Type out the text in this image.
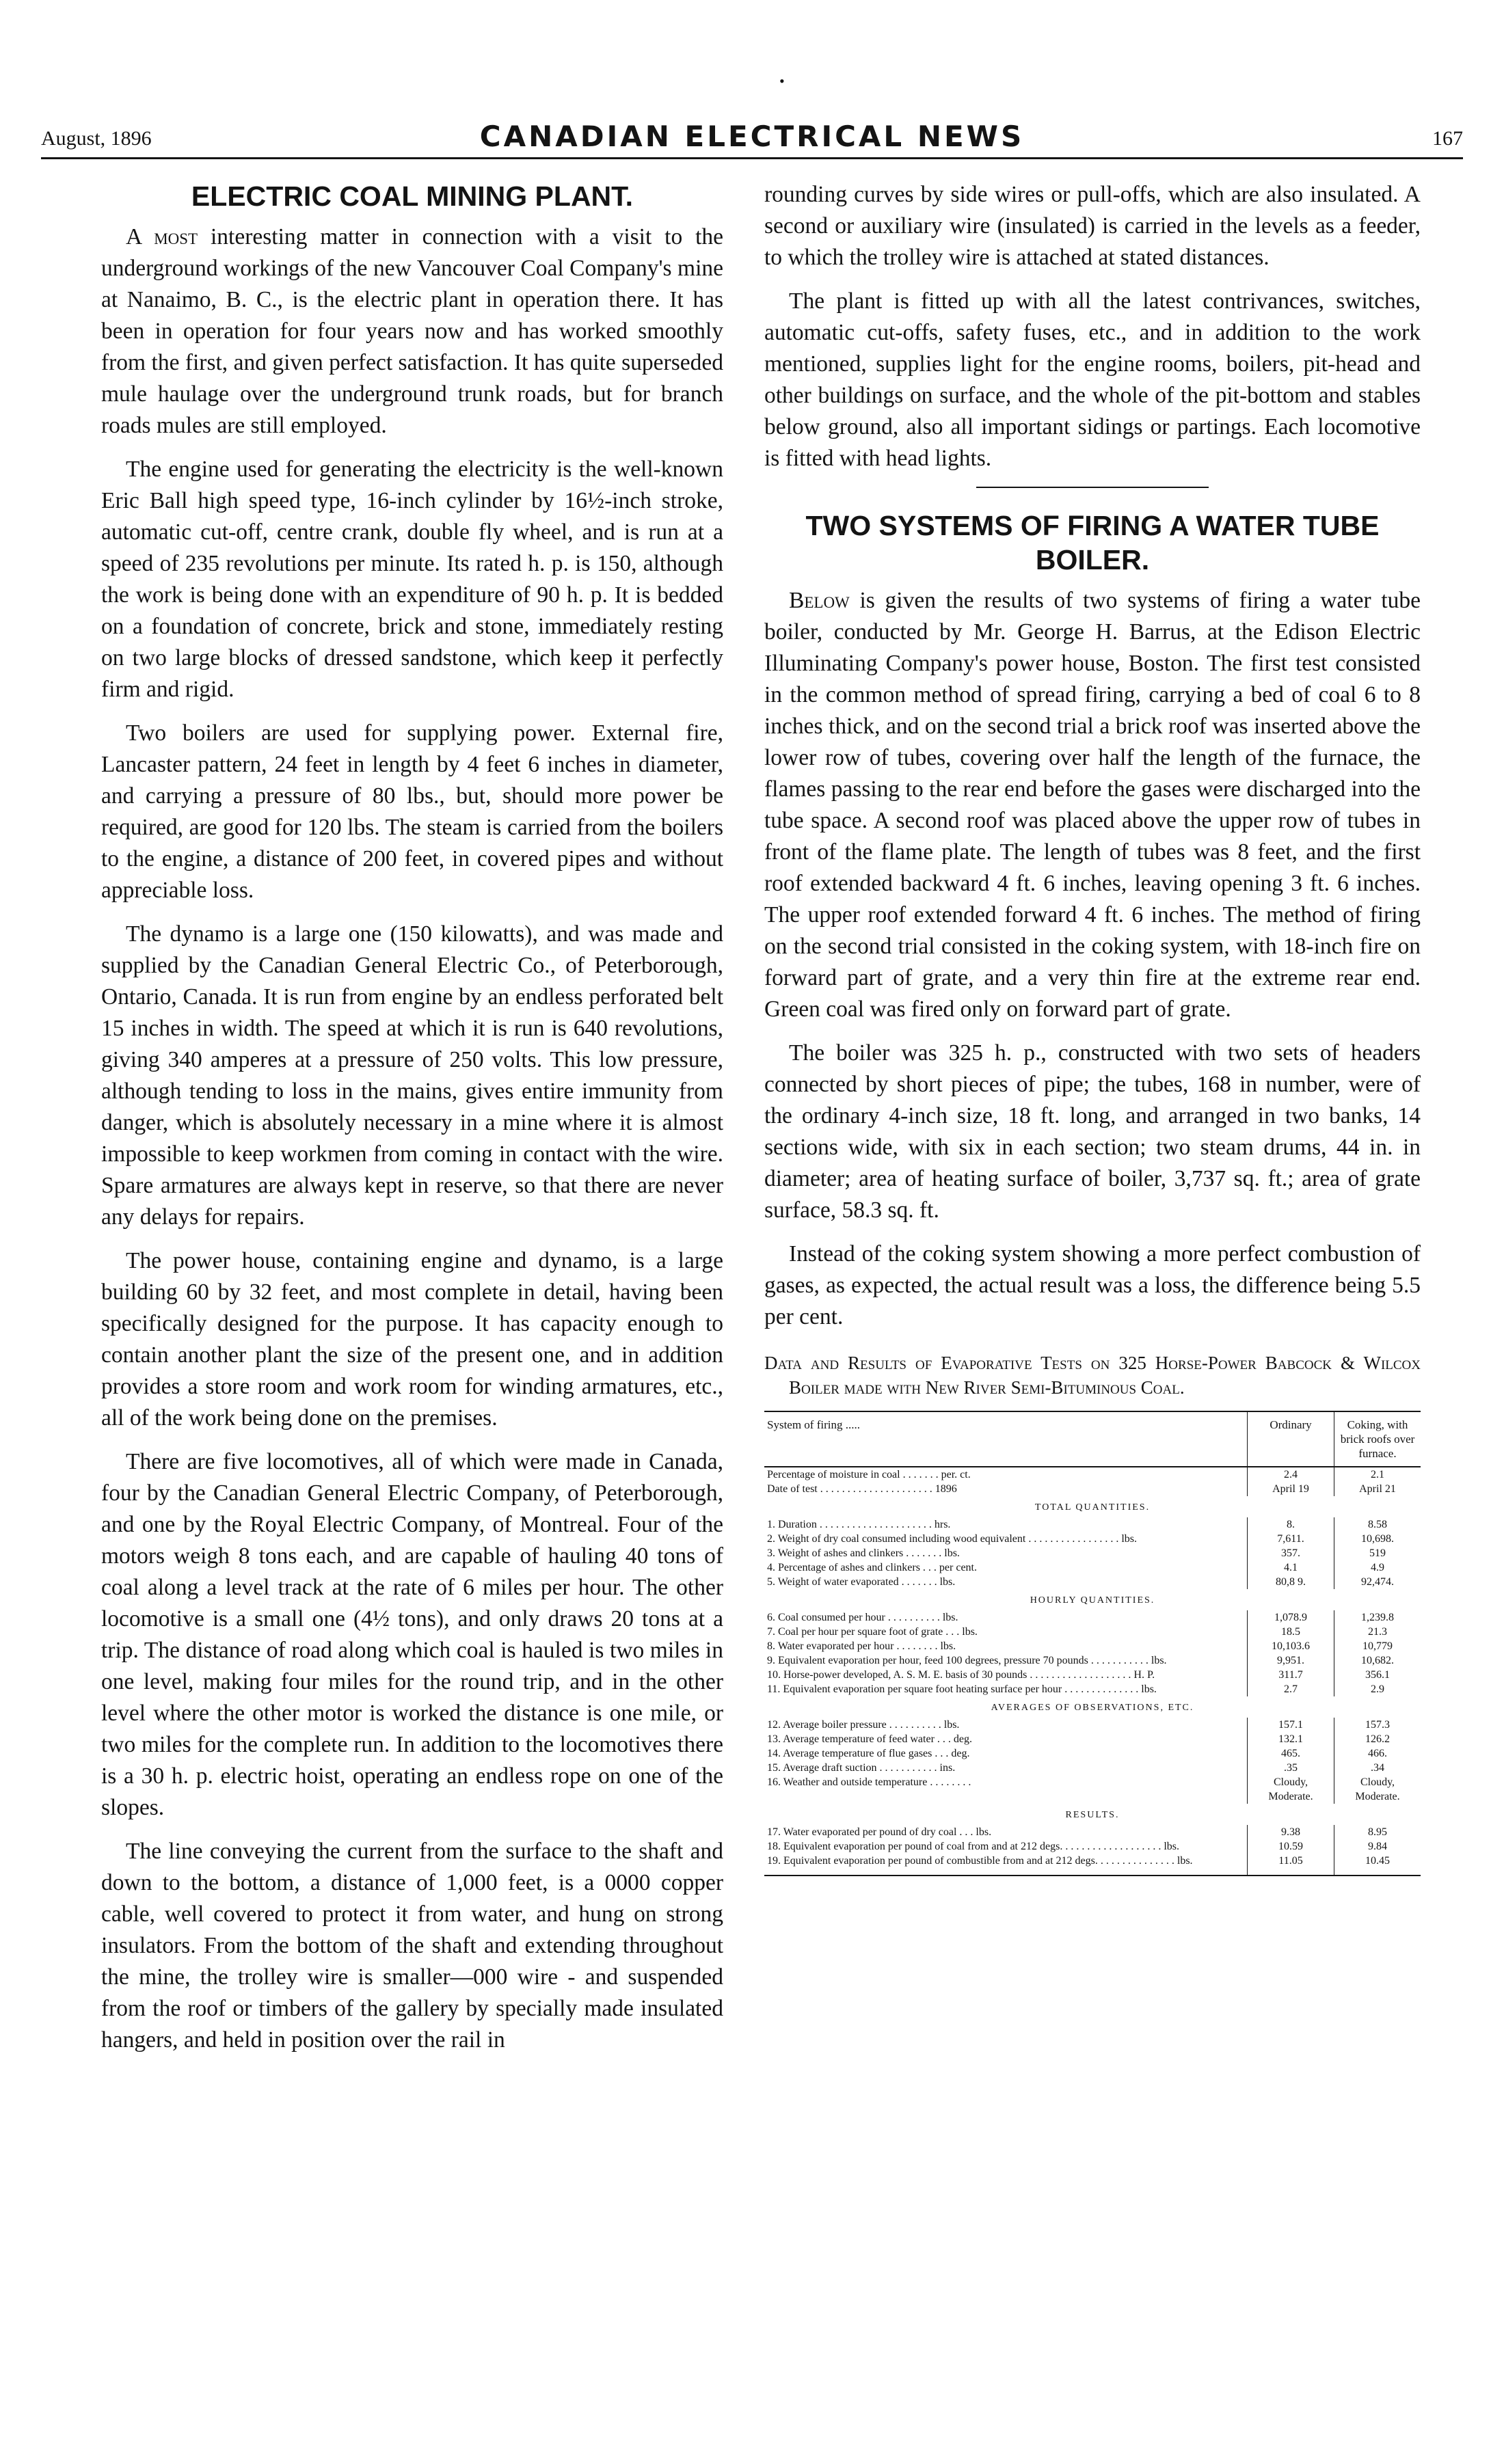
•
August, 1896	CANADIAN ELECTRICAL NEWS	167
ELECTRIC COAL MINING PLANT.

A most interesting matter in connection with a visit to the underground workings of the new Vancouver Coal Company's mine at Nanaimo, B. C., is the electric plant in operation there. It has been in operation for four years now and has worked smoothly from the first, and given perfect satisfaction. It has quite superseded mule haulage over the underground trunk roads, but for branch roads mules are still employed.

The engine used for generating the electricity is the well-known Eric Ball high speed type, 16-inch cylinder by 16½-inch stroke, automatic cut-off, centre crank, double fly wheel, and is run at a speed of 235 revolutions per minute. Its rated h. p. is 150, although the work is being done with an expenditure of 90 h. p. It is bedded on a foundation of concrete, brick and stone, immediately resting on two large blocks of dressed sandstone, which keep it perfectly firm and rigid.

Two boilers are used for supplying power. External fire, Lancaster pattern, 24 feet in length by 4 feet 6 inches in diameter, and carrying a pressure of 80 lbs., but, should more power be required, are good for 120 lbs. The steam is carried from the boilers to the engine, a distance of 200 feet, in covered pipes and without appreciable loss.

The dynamo is a large one (150 kilowatts), and was made and supplied by the Canadian General Electric Co., of Peterborough, Ontario, Canada. It is run from engine by an endless perforated belt 15 inches in width. The speed at which it is run is 640 revolutions, giving 340 amperes at a pressure of 250 volts. This low pressure, although tending to loss in the mains, gives entire immunity from danger, which is absolutely necessary in a mine where it is almost impossible to keep workmen from coming in contact with the wire. Spare armatures are always kept in reserve, so that there are never any delays for repairs.

The power house, containing engine and dynamo, is a large building 60 by 32 feet, and most complete in detail, having been specifically designed for the purpose. It has capacity enough to contain another plant the size of the present one, and in addition provides a store room and work room for winding armatures, etc., all of the work being done on the premises.

There are five locomotives, all of which were made in Canada, four by the Canadian General Electric Company, of Peterborough, and one by the Royal Electric Company, of Montreal. Four of the motors weigh 8 tons each, and are capable of hauling 40 tons of coal along a level track at the rate of 6 miles per hour. The other locomotive is a small one (4½ tons), and only draws 20 tons at a trip. The distance of road along which coal is hauled is two miles in one level, making four miles for the round trip, and in the other level where the other motor is worked the distance is one mile, or two miles for the complete run. In addition to the locomotives there is a 30 h. p. electric hoist, operating an endless rope on one of the slopes.

The line conveying the current from the surface to the shaft and down to the bottom, a distance of 1,000 feet, is a 0000 copper cable, well covered to protect it from water, and hung on strong insulators. From the bottom of the shaft and extending throughout the mine, the trolley wire is smaller—000 wire - and suspended from the roof or timbers of the gallery by specially made insulated hangers, and held in position over the rail in

rounding curves by side wires or pull-offs, which are also insulated. A second or auxiliary wire (insulated) is carried in the levels as a feeder, to which the trolley wire is attached at stated distances.

The plant is fitted up with all the latest contrivances, switches, automatic cut-offs, safety fuses, etc., and in addition to the work mentioned, supplies light for the engine rooms, boilers, pit-head and other buildings on surface, and the whole of the pit-bottom and stables below ground, also all important sidings or partings. Each locomotive is fitted with head lights.

TWO SYSTEMS OF FIRING A WATER TUBE BOILER.

Below is given the results of two systems of firing a water tube boiler, conducted by Mr. George H. Barrus, at the Edison Electric Illuminating Company's power house, Boston. The first test consisted in the common method of spread firing, carrying a bed of coal 6 to 8 inches thick, and on the second trial a brick roof was inserted above the lower row of tubes, covering over half the length of the furnace, the flames passing to the rear end before the gases were discharged into the tube space. A second roof was placed above the upper row of tubes in front of the flame plate. The length of tubes was 8 feet, and the first roof extended backward 4 ft. 6 inches, leaving opening 3 ft. 6 inches. The upper roof extended forward 4 ft. 6 inches. The method of firing on the second trial consisted in the coking system, with 18-inch fire on forward part of grate, and a very thin fire at the extreme rear end. Green coal was fired only on forward part of grate.

The boiler was 325 h. p., constructed with two sets of headers connected by short pieces of pipe; the tubes, 168 in number, were of the ordinary 4-inch size, 18 ft. long, and arranged in two banks, 14 sections wide, with six in each section; two steam drums, 44 in. in diameter; area of heating surface of boiler, 3,737 sq. ft.; area of grate surface, 58.3 sq. ft.

Instead of the coking system showing a more perfect combustion of gases, as expected, the actual result was a loss, the difference being 5.5 per cent.

Data and Results of Evaporative Tests on 325 Horse-Power Babcock & Wilcox Boiler made with New River Semi-Bituminous Coal.
System of firing .....	Ordinary	Coking, with brick roofs over furnace.
Percentage of moisture in coal . . . . . . . per. ct.	2.4	2.1
Date of test . . . . . . . . . . . . . . . . . . . . . 1896	April 19	April 21
TOTAL QUANTITIES.		
1. Duration . . . . . . . . . . . . . . . . . . . . . hrs.	8.	8.58
2. Weight of dry coal consumed including wood equivalent . . . . . . . . . . . . . . . . . lbs.	7,611.	10,698.
3. Weight of ashes and clinkers . . . . . . . lbs.	357.	519
4. Percentage of ashes and clinkers . . . per cent.	4.1	4.9
5. Weight of water evaporated . . . . . . . lbs.	80,8 9.	92,474.
HOURLY QUANTITIES.		
6. Coal consumed per hour . . . . . . . . . . lbs.	1,078.9	1,239.8
7. Coal per hour per square foot of grate . . . lbs.	18.5	21.3
8. Water evaporated per hour . . . . . . . . lbs.	10,103.6	10,779
9. Equivalent evaporation per hour, feed 100 degrees, pressure 70 pounds . . . . . . . . . . . lbs.	9,951.	10,682.
10. Horse-power developed, A. S. M. E. basis of 30 pounds . . . . . . . . . . . . . . . . . . . H. P.	311.7	356.1
11. Equivalent evaporation per square foot heating surface per hour . . . . . . . . . . . . . . lbs.	2.7	2.9
AVERAGES OF OBSERVATIONS, ETC.		
12. Average boiler pressure . . . . . . . . . . lbs.	157.1	157.3
13. Average temperature of feed water . . . deg.	132.1	126.2
14. Average temperature of flue gases . . . deg.	465.	466.
15. Average draft suction . . . . . . . . . . . ins.	.35	.34
16. Weather and outside temperature . . . . . . . .	Cloudy, Moderate.	Cloudy, Moderate.
RESULTS.		
17. Water evaporated per pound of dry coal . . . lbs.	9.38	8.95
18. Equivalent evaporation per pound of coal from and at 212 degs. . . . . . . . . . . . . . . . . . . lbs.	10.59	9.84
19. Equivalent evaporation per pound of combustible from and at 212 degs. . . . . . . . . . . . . . . lbs.	11.05	10.45
